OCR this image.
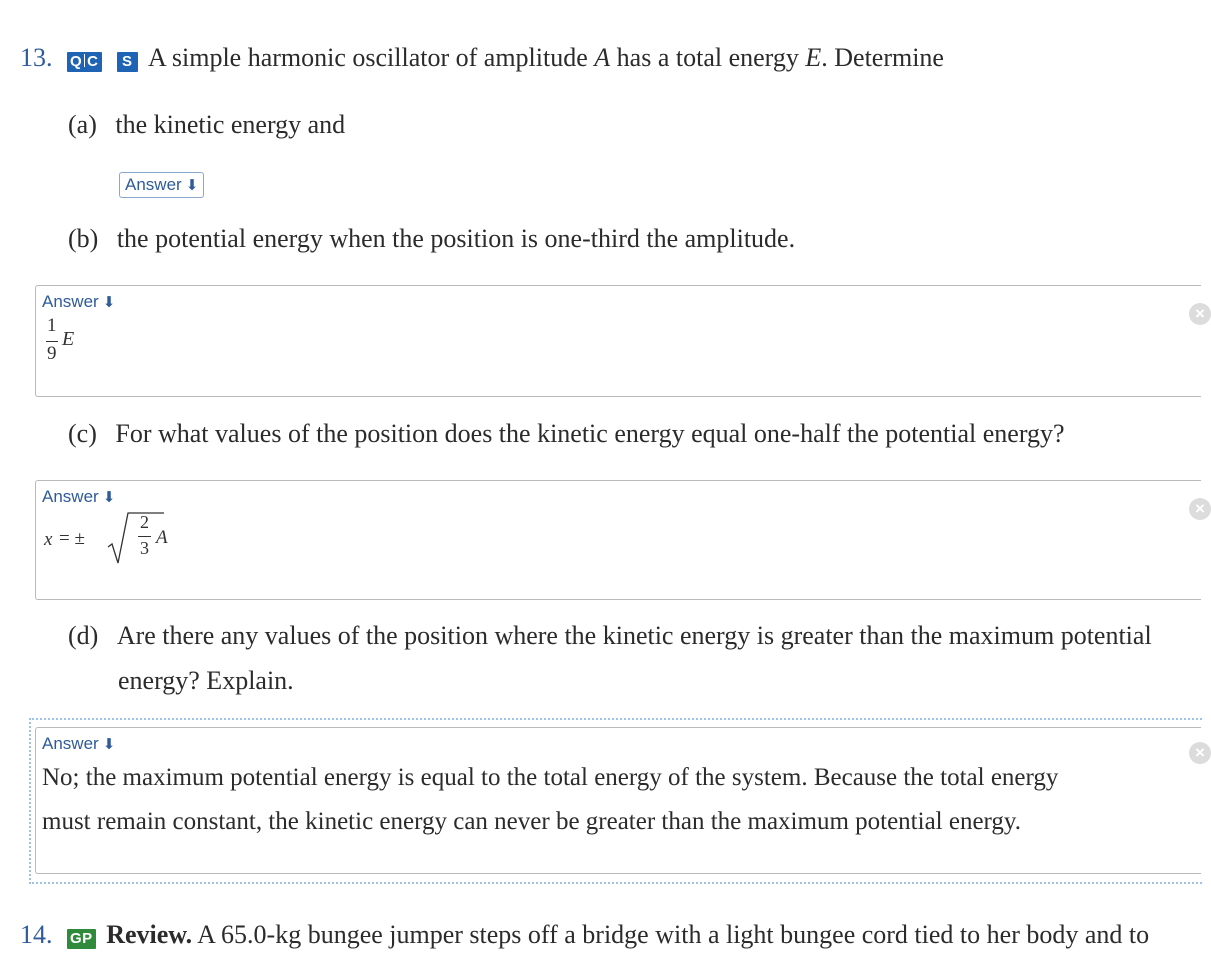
13. Q C S A simple harmonic oscillator of amplitude A has a total energy E. Determine
(a) the kinetic energy and
Answer ⬇
(b) the potential energy when the position is one-third the amplitude.
Answer ⬇
1
9
E
×
(c) For what values of the position does the kinetic energy equal one-half the potential energy?
Answer ⬇
x = ±
2
3 A
×
(d) Are there any values of the position where the kinetic energy is greater than the maximum potential
energy? Explain.
Answer ⬇
No; the maximum potential energy is equal to the total energy of the system. Because the total energy
must remain constant, the kinetic energy can never be greater than the maximum potential energy.
×
14. GP Review. A 65.0-kg bungee jumper steps off a bridge with a light bungee cord tied to her body and to
